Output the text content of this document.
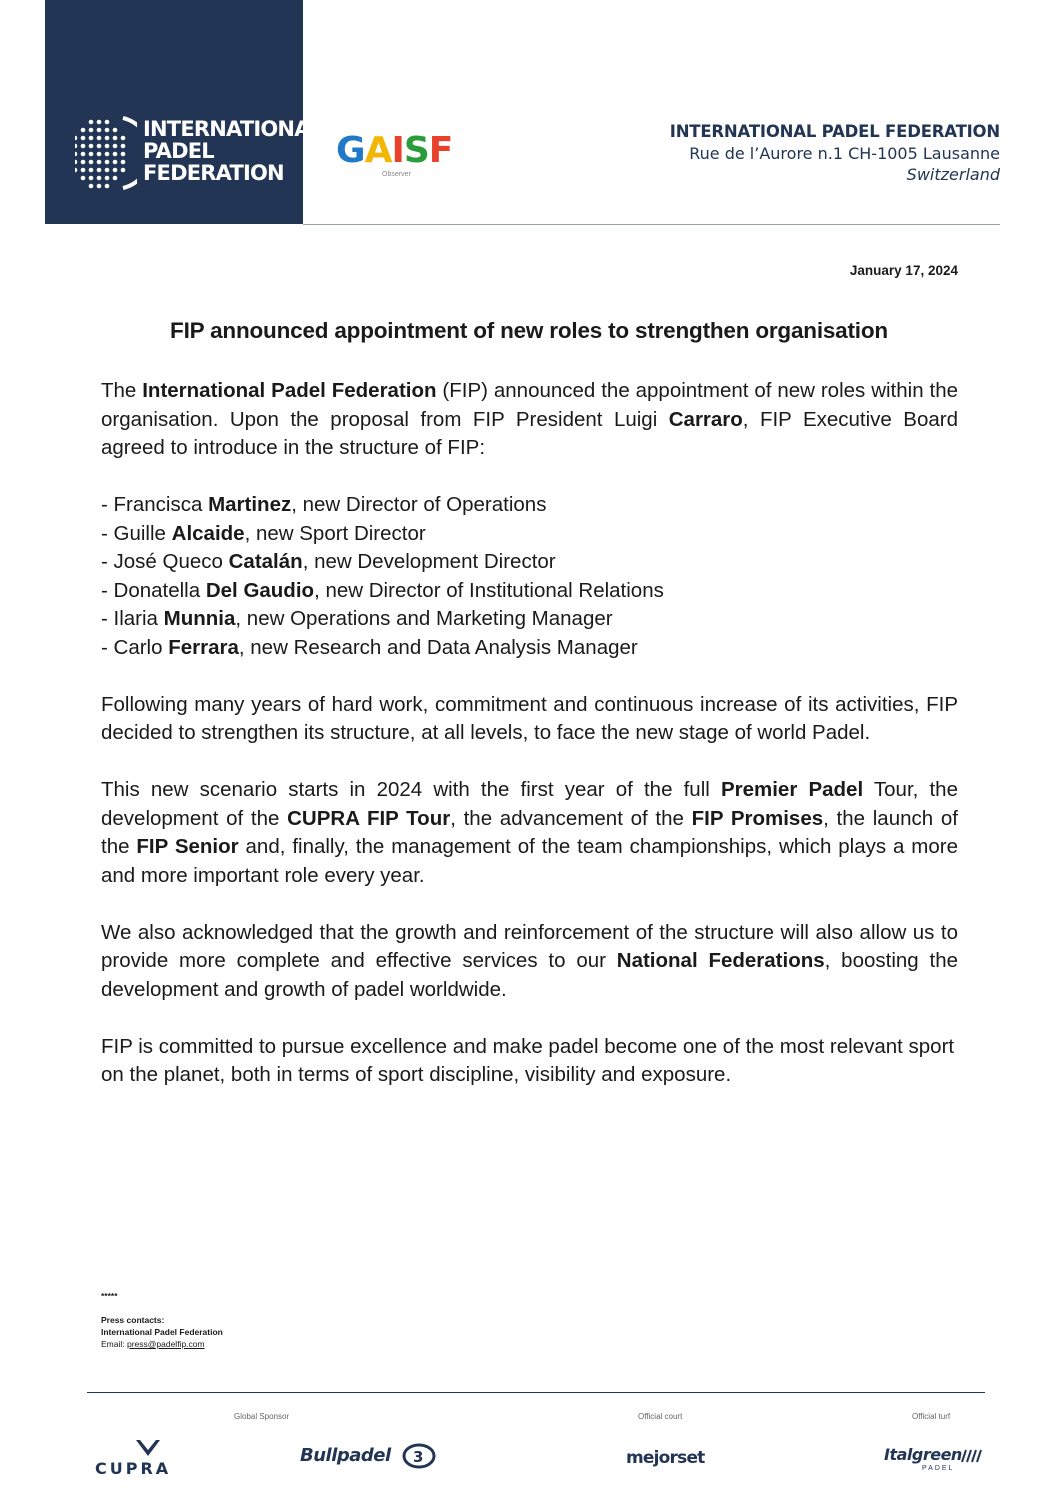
INTERNATIONAL
PADEL
FEDERATION
GAISF
Observer
INTERNATIONAL PADEL FEDERATION
Rue de l’Aurore n.1 CH-1005 Lausanne
Switzerland
January 17, 2024
FIP announced appointment of new roles to strengthen organisation

The International Padel Federation (FIP) announced the appointment of new roles within the organisation. Upon the proposal from FIP President Luigi Carraro, FIP Executive Board agreed to introduce in the structure of FIP:

- Francisca Martinez, new Director of Operations
- Guille Alcaide, new Sport Director
- José Queco Catalán, new Development Director
- Donatella Del Gaudio, new Director of Institutional Relations
- Ilaria Munnia, new Operations and Marketing Manager
- Carlo Ferrara, new Research and Data Analysis Manager

Following many years of hard work, commitment and continuous increase of its activities, FIP decided to strengthen its structure, at all levels, to face the new stage of world Padel.

This new scenario starts in 2024 with the first year of the full Premier Padel Tour, the development of the CUPRA FIP Tour, the advancement of the FIP Promises, the launch of the FIP Senior and, finally, the management of the team championships, which plays a more and more important role every year.

We also acknowledged that the growth and reinforcement of the structure will also allow us to provide more complete and effective services to our National Federations, boosting the development and growth of padel worldwide.

FIP is committed to pursue excellence and make padel become one of the most relevant sport on the planet, both in terms of sport discipline, visibility and exposure.

*****
Press contacts:
International Padel Federation
Email: press@padelfip.com
Global Sponsor	Official court	Official turf
CUPRA
Bullpadel 3	mejorset	Italgreen
PADEL
